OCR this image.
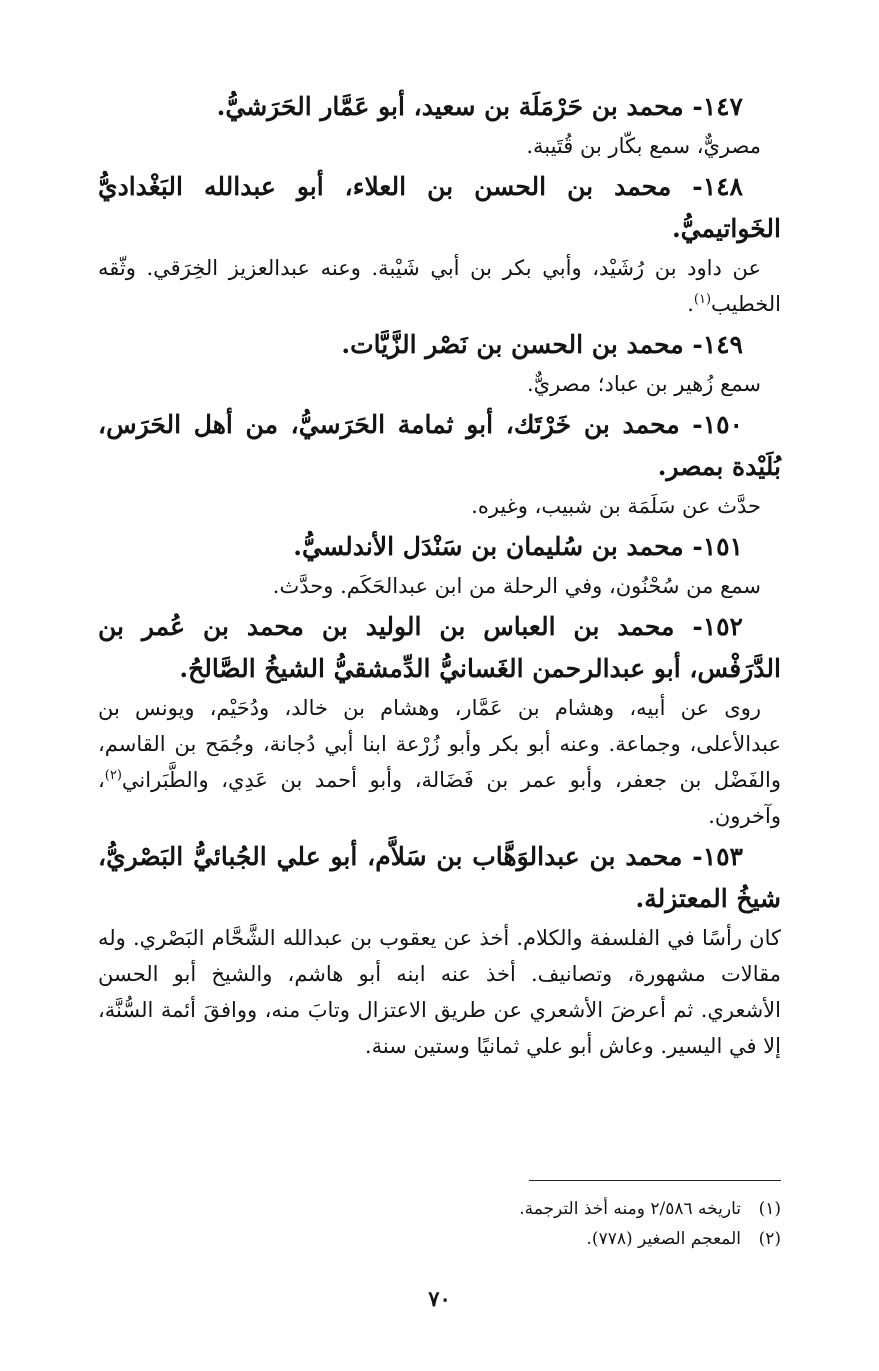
١٤٧- محمد بن حَرْمَلَة بن سعيد، أبو عَمَّار الحَرَشيُّ.

مصريٌّ، سمع بكّار بن قُتَيبة.

١٤٨- محمد بن الحسن بن العلاء، أبو عبدالله البَغْداديُّ الخَواتيميُّ.

عن داود بن رُشَيْد، وأبي بكر بن أبي شَيْبة. وعنه عبدالعزيز الخِرَقي. وثّقه الخطيب$^{(١)}$.

١٤٩- محمد بن الحسن بن نَصْر الزَّيَّات.

سمع زُهير بن عباد؛ مصريٌّ.

١٥٠- محمد بن خَرْتَك، أبو ثمامة الحَرَسيُّ، من أهل الحَرَس، بُلَيْدة بمصر.

حدَّث عن سَلَمَة بن شبيب، وغيره.

١٥١- محمد بن سُليمان بن سَنْدَل الأندلسيُّ.

سمع من سُحْنُون، وفي الرحلة من ابن عبدالحَكَم. وحدَّث.

١٥٢- محمد بن العباس بن الوليد بن محمد بن عُمر بن الدَّرَفْس، أبو عبدالرحمن الغَسانيُّ الدِّمشقيُّ الشيخُ الصَّالحُ.

روى عن أبيه، وهشام بن عَمَّار، وهشام بن خالد، ودُحَيْم، ويونس بن عبدالأعلى، وجماعة. وعنه أبو بكر وأبو زُرْعة ابنا أبي دُجانة، وجُمَح بن القاسم، والفَضْل بن جعفر، وأبو عمر بن فَضَالة، وأبو أحمد بن عَدِي، والطَّبَراني$^{(٢)}$، وآخرون.

١٥٣- محمد بن عبدالوَهَّاب بن سَلاَّم، أبو علي الجُبائيُّ البَصْريُّ، شيخُ المعتزلة.

كان رأسًا في الفلسفة والكلام. أخذ عن يعقوب بن عبدالله الشَّحَّام البَصْري. وله مقالات مشهورة، وتصانيف. أخذ عنه ابنه أبو هاشم، والشيخ أبو الحسن الأشعري. ثم أعرضَ الأشعري عن طريق الاعتزال وتابَ منه، ووافقَ أئمة السُّنَّة، إلا في اليسير. وعاش أبو علي ثمانيًا وستين سنة.

(١)تاريخه ٢/٥٨٦ ومنه أخذ الترجمة.

(٢)المعجم الصغير (٧٧٨).

٧٠
